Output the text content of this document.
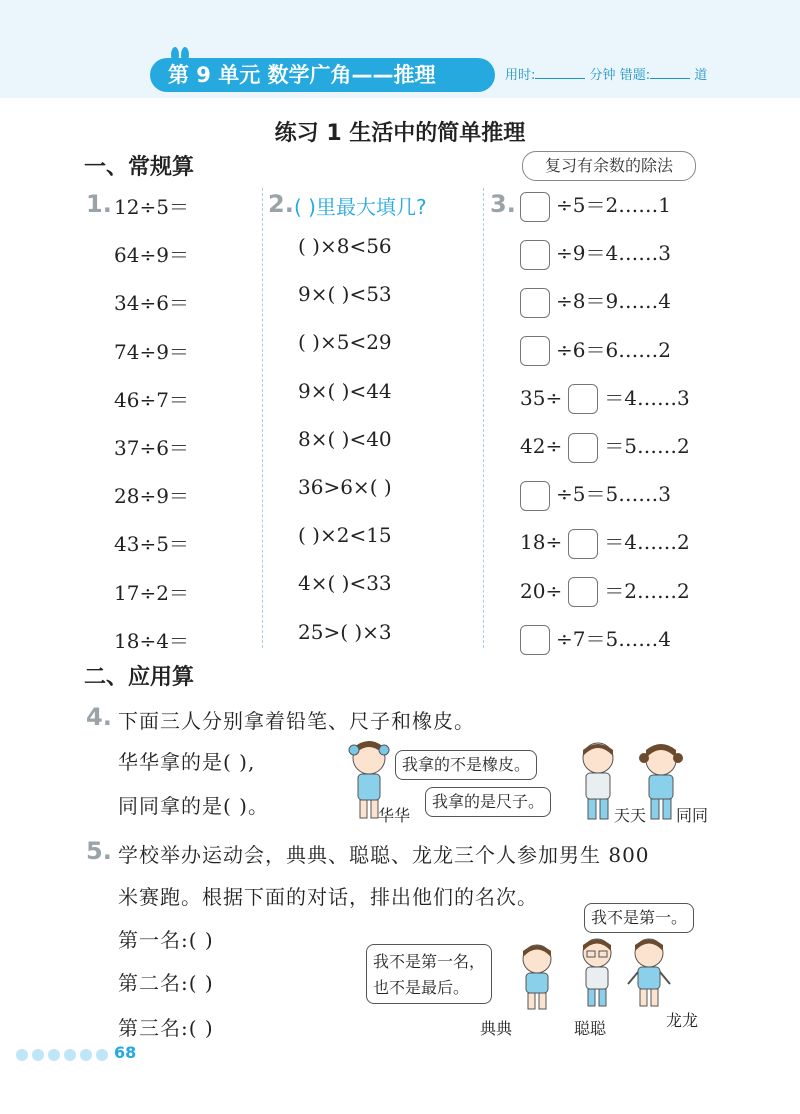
第 9 单元 数学广角——推理	用时:	分钟 错题:	道
练习 1 生活中的简单推理
一、常规算	复习有余数的除法
1. 12÷5＝
64÷9＝
34÷6＝
74÷9＝
46÷7＝
37÷6＝
28÷9＝
43÷5＝
17÷2＝
18÷4＝
2. ( )里最大填几?
( )×8<56
9×( )<53
( )×5<29
9×( )<44
8×( )<40
36>6×( )
( )×2<15
4×( )<33
25>( )×3
3.	÷5＝2……1
÷9＝4……3
÷8＝9……4
÷6＝6……2
35÷ ＝4……3
42÷ ＝5……2
÷5＝5……3
18÷ ＝4……2
20÷ ＝2……2
÷7＝5……4
二、应用算
4. 下面三人分别拿着铅笔、尺子和橡皮。
华华拿的是( ),
同同拿的是( )。
我拿的不是橡皮。
华华
我拿的是尺子。
天天 同同
5. 学校举办运动会，典典、聪聪、龙龙三个人参加男生 800
米赛跑。根据下面的对话，排出他们的名次。
第一名:( )
第二名:( )
第三名:( )
我不是第一名，
也不是最后。
我不是第一。
典典	聪聪	龙龙
68
